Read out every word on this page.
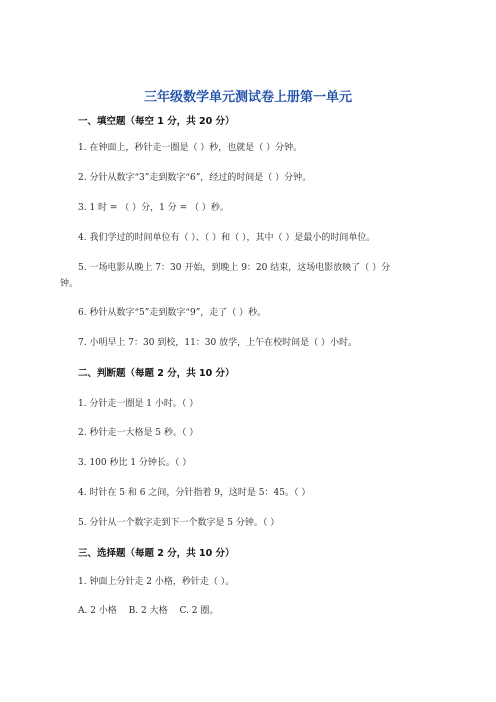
三年级数学单元测试卷上册第一单元
一、填空题（每空 1 分，共 20 分）
1. 在钟面上，秒针走一圈是（ ）秒，也就是（ ）分钟。
2. 分针从数字“3”走到数字“6”，经过的时间是（ ）分钟。
3. 1 时 = （ ）分，1 分 = （ ）秒。
4. 我们学过的时间单位有（ ）、（ ）和（ ），其中（ ）是最小的时间单位。
5. 一场电影从晚上 7：30 开始，到晚上 9：20 结束，这场电影放映了（ ）分
钟。
6. 秒针从数字“5”走到数字“9”，走了（ ）秒。
7. 小明早上 7：30 到校，11：30 放学，上午在校时间是（ ）小时。
二、判断题（每题 2 分，共 10 分）
1. 分针走一圈是 1 小时。（ ）
2. 秒针走一大格是 5 秒。（ ）
3. 100 秒比 1 分钟长。（ ）
4. 时针在 5 和 6 之间，分针指着 9，这时是 5：45。（ ）
5. 分针从一个数字走到下一个数字是 5 分钟。（ ）
三、选择题（每题 2 分，共 10 分）
1. 钟面上分针走 2 小格，秒针走（ ）。
A. 2 小格　 B. 2 大格　 C. 2 圈。
